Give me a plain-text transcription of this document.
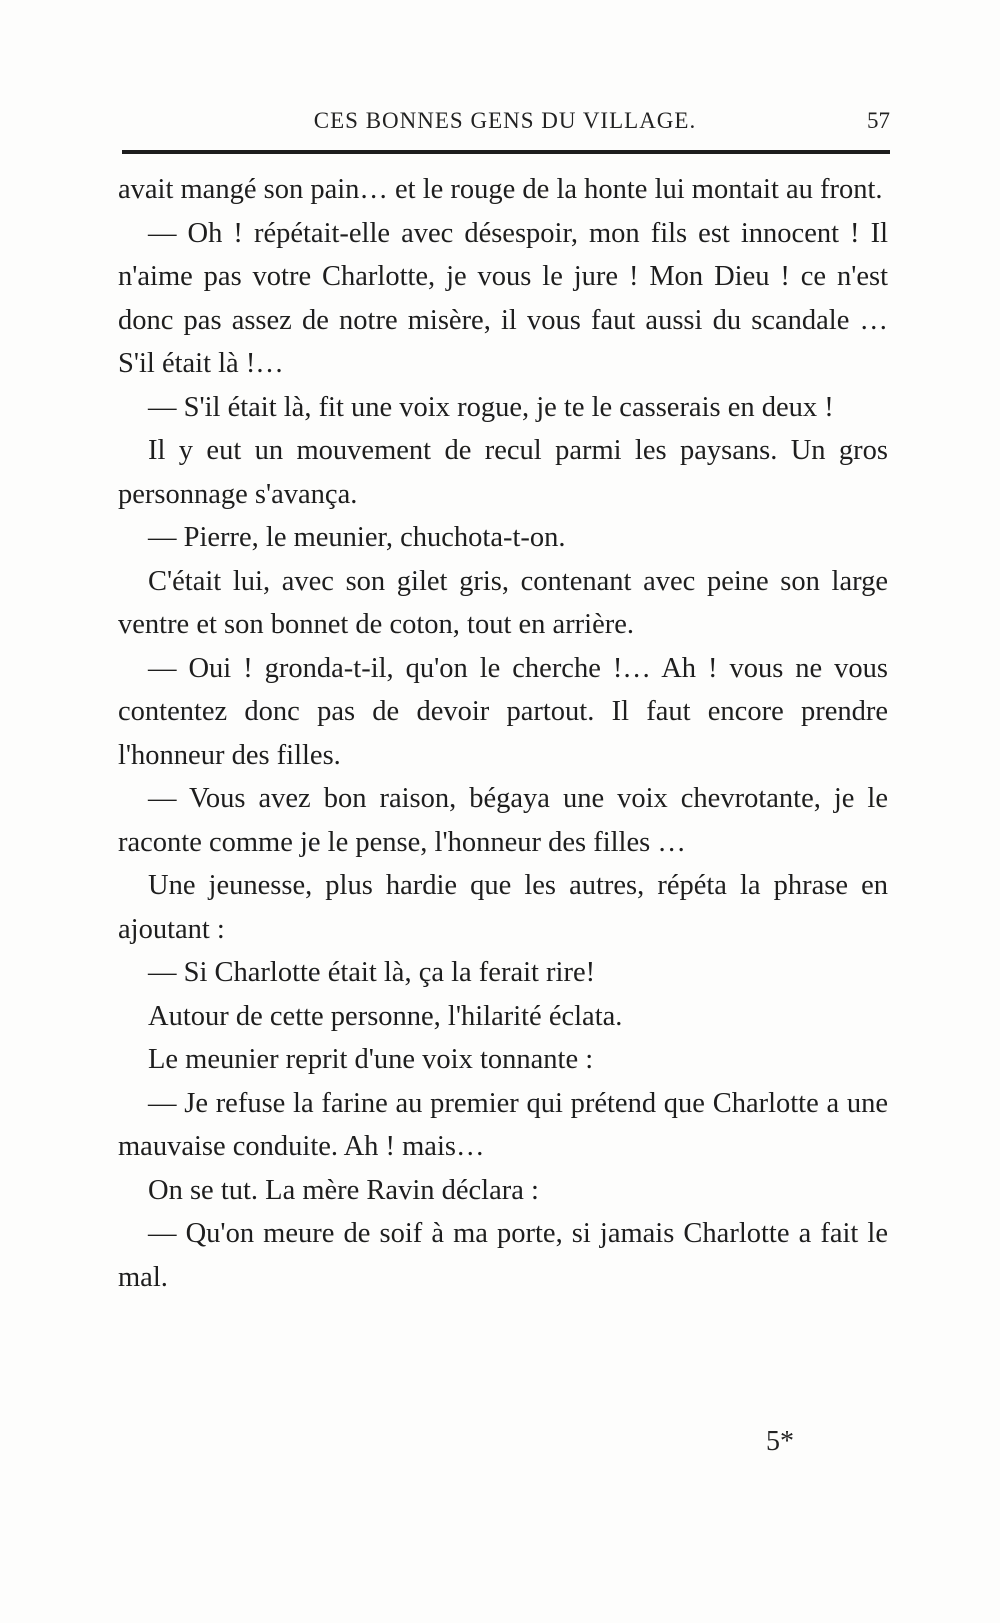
CES BONNES GENS DU VILLAGE.	57

avait mangé son pain… et le rouge de la honte lui montait au front.

— Oh ! répétait-elle avec désespoir, mon fils est innocent ! Il n'aime pas votre Charlotte, je vous le jure ! Mon Dieu ! ce n'est donc pas assez de notre misère, il vous faut aussi du scandale … S'il était là !…

— S'il était là, fit une voix rogue, je te le casserais en deux !

Il y eut un mouvement de recul parmi les paysans. Un gros personnage s'avança.

— Pierre, le meunier, chuchota-t-on.

C'était lui, avec son gilet gris, contenant avec peine son large ventre et son bonnet de coton, tout en arrière.

— Oui ! gronda-t-il, qu'on le cherche !… Ah ! vous ne vous contentez donc pas de devoir partout. Il faut encore prendre l'honneur des filles.

— Vous avez bon raison, bégaya une voix chevrotante, je le raconte comme je le pense, l'honneur des filles …

Une jeunesse, plus hardie que les autres, répéta la phrase en ajoutant :

— Si Charlotte était là, ça la ferait rire!

Autour de cette personne, l'hilarité éclata.

Le meunier reprit d'une voix tonnante :

— Je refuse la farine au premier qui prétend que Charlotte a une mauvaise conduite. Ah ! mais…

On se tut. La mère Ravin déclara :

— Qu'on meure de soif à ma porte, si jamais Charlotte a fait le mal.

5*
